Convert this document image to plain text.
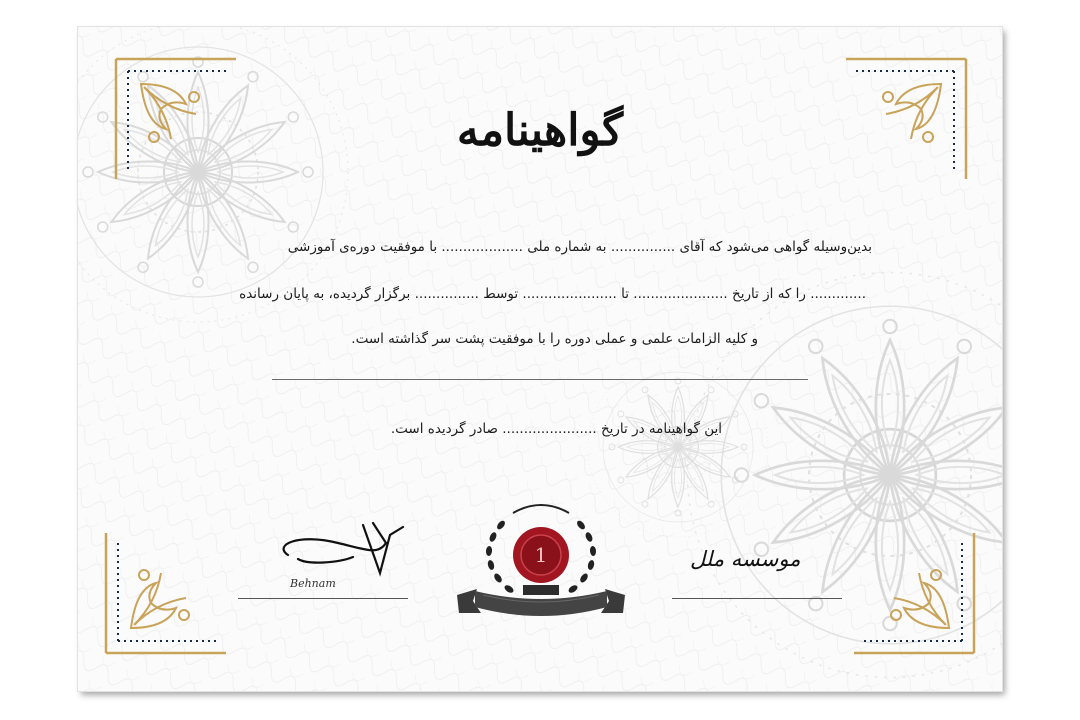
گواهینامه
بدین‌وسیله گواهی می‌شود که آقای ............... به شماره ملی ................... با موفقیت دوره‌ی آموزشی
............. را که از تاریخ ...................... تا ...................... توسط ............... برگزار گردیده، به پایان رسانده
و کلیه الزامات علمی و عملی دوره را با موفقیت پشت سر گذاشته است.
این گواهینامه در تاریخ ...................... صادر گردیده است.
Behnam
1	موسسه ملل
